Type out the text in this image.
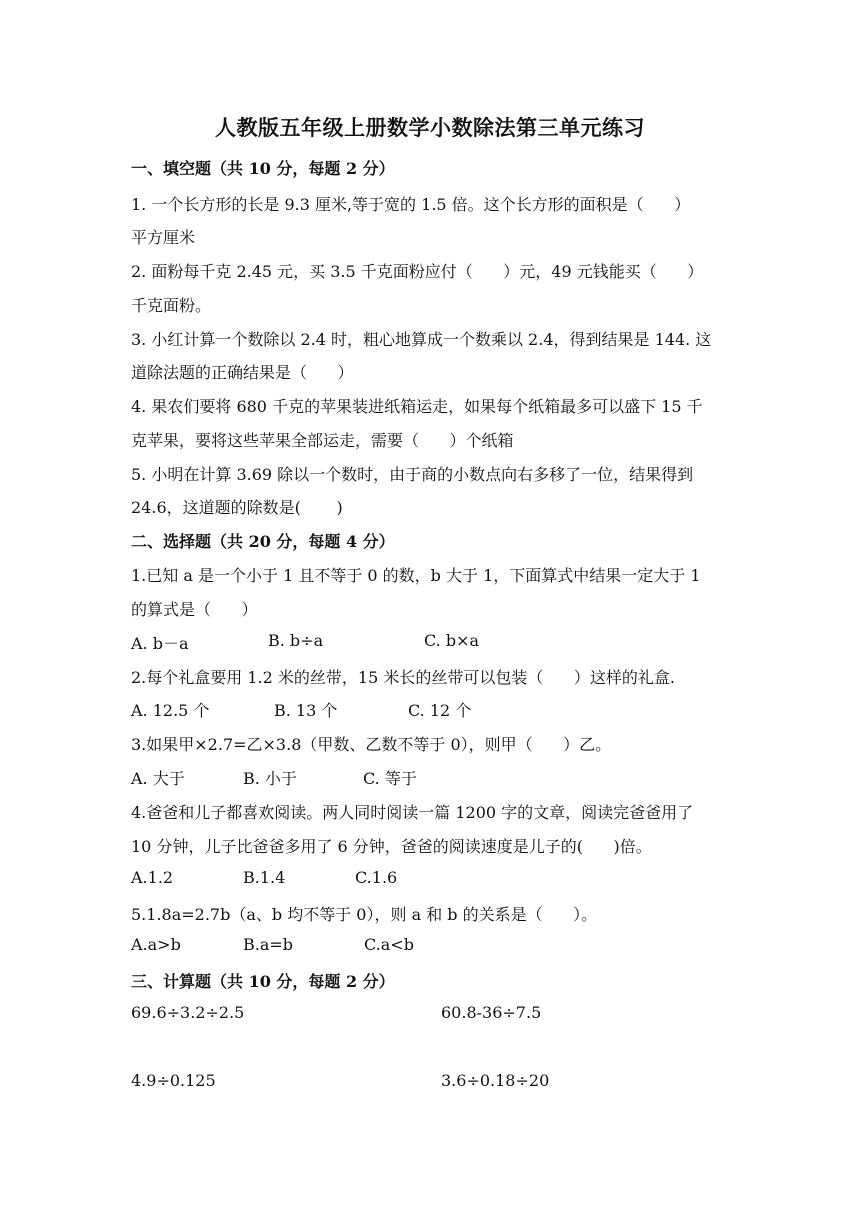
人教版五年级上册数学小数除法第三单元练习
一、填空题（共 10 分，每题 2 分）
1. 一个长方形的长是 9.3 厘米,等于宽的 1.5 倍。这个长方形的面积是（      ）
平方厘米
2. 面粉每千克 2.45 元，买 3.5 千克面粉应付（      ）元，49 元钱能买（      ）
千克面粉。
3. 小红计算一个数除以 2.4 时，粗心地算成一个数乘以 2.4，得到结果是 144. 这
道除法题的正确结果是（      ）
4. 果农们要将 680 千克的苹果装进纸箱运走，如果每个纸箱最多可以盛下 15 千
克苹果，要将这些苹果全部运走，需要（      ）个纸箱
5. 小明在计算 3.69 除以一个数时，由于商的小数点向右多移了一位，结果得到
24.6，这道题的除数是(       )
二、选择题（共 20 分，每题 4 分）
1.已知 a 是一个小于 1 且不等于 0 的数，b 大于 1，下面算式中结果一定大于 1
的算式是（      ）
A. b－a	B. b÷a	C. b×a
2.每个礼盒要用 1.2 米的丝带，15 米长的丝带可以包装（      ）这样的礼盒.
A. 12.5 个	B. 13 个	C. 12 个
3.如果甲×2.7=乙×3.8（甲数、乙数不等于 0），则甲（      ）乙。
A. 大于	B. 小于	C. 等于
4.爸爸和儿子都喜欢阅读。两人同时阅读一篇 1200 字的文章，阅读完爸爸用了
10 分钟，儿子比爸爸多用了 6 分钟，爸爸的阅读速度是儿子的(      )倍。
A.1.2	B.1.4	C.1.6
5.1.8a=2.7b（a、b 均不等于 0），则 a 和 b 的关系是（      ）。
A.a>b	B.a=b	C.a<b
三、计算题（共 10 分，每题 2 分）
69.6÷3.2÷2.5	60.8-36÷7.5
4.9÷0.125	3.6÷0.18÷20
